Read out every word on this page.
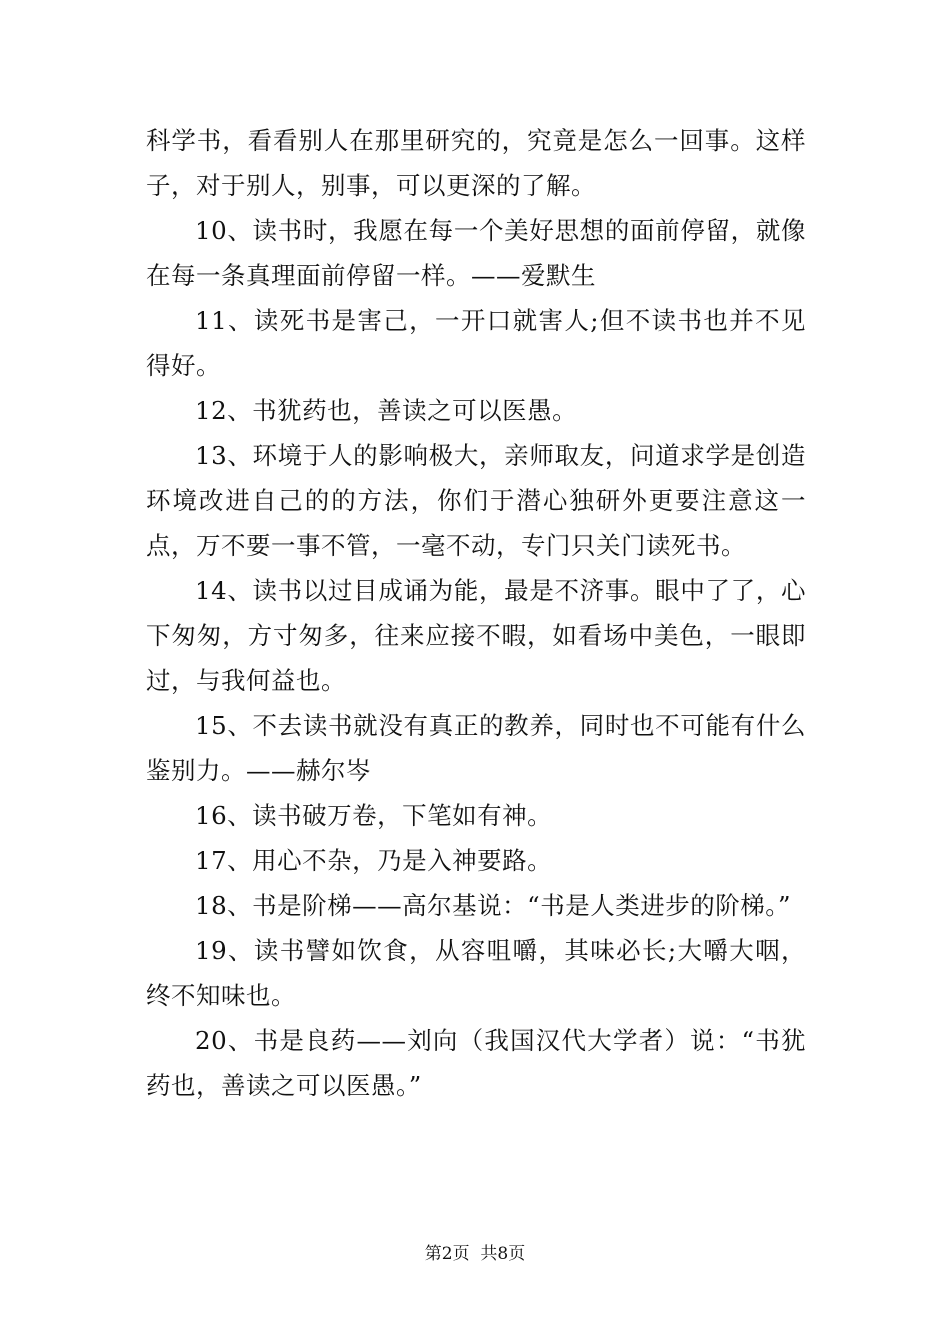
科学书，看看别人在那里研究的，究竟是怎么一回事。这样子，对于别人，别事，可以更深的了解。

10、读书时，我愿在每一个美好思想的面前停留，就像在每一条真理面前停留一样。——爱默生

11、读死书是害己，一开口就害人;但不读书也并不见得好。

12、书犹药也，善读之可以医愚。

13、环境于人的影响极大，亲师取友，问道求学是创造环境改进自己的的方法，你们于潜心独研外更要注意这一点，万不要一事不管，一毫不动，专门只关门读死书。

14、读书以过目成诵为能，最是不济事。眼中了了，心下匆匆，方寸匆多，往来应接不暇，如看场中美色，一眼即过，与我何益也。

15、不去读书就没有真正的教养，同时也不可能有什么鉴别力。——赫尔岑

16、读书破万卷，下笔如有神。

17、用心不杂，乃是入神要路。

18、书是阶梯——高尔基说：“书是人类进步的阶梯。”

19、读书譬如饮食，从容咀嚼，其味必长;大嚼大咽，终不知味也。

20、书是良药——刘向（我国汉代大学者）说：“书犹药也，善读之可以医愚。”

第2页  共8页
